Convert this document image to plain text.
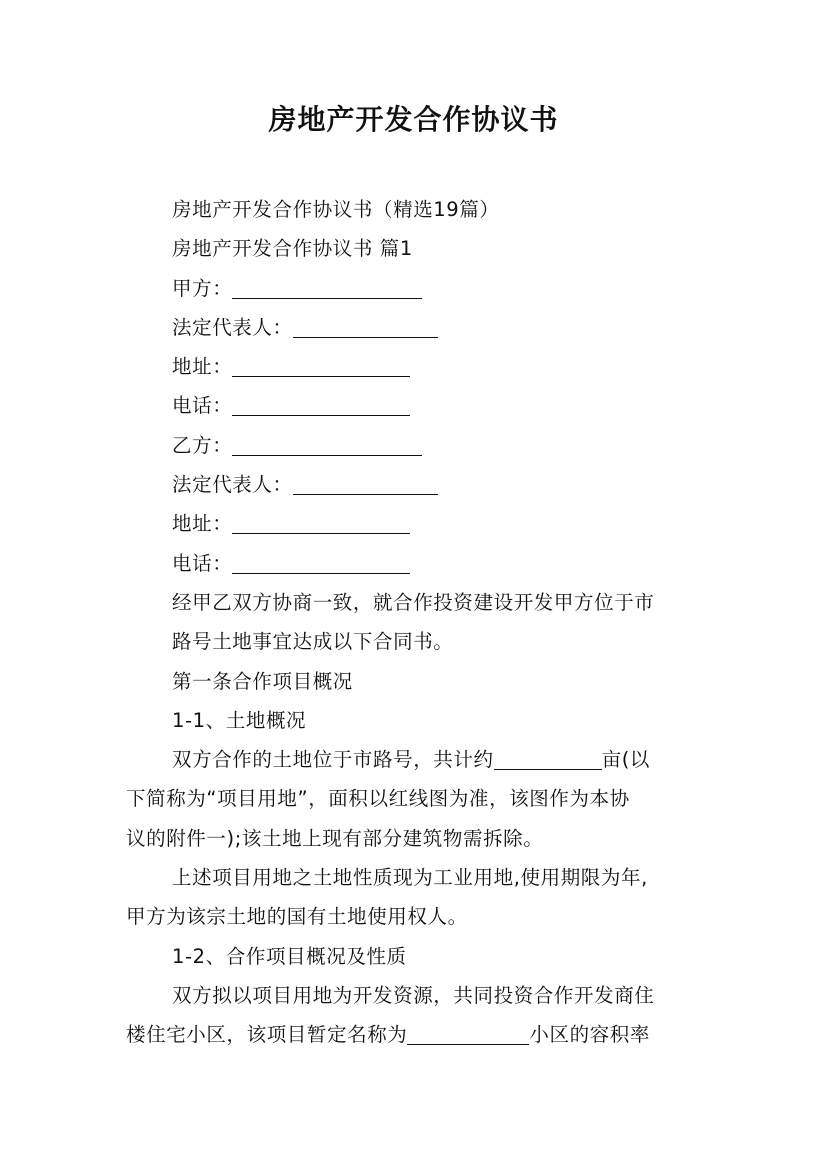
房地产开发合作协议书
房地产开发合作协议书（精选19篇）
房地产开发合作协议书 篇1
甲方：
法定代表人：
地址：
电话：
乙方：
法定代表人：
地址：
电话：
经甲乙双方协商一致，就合作投资建设开发甲方位于市
路号土地事宜达成以下合同书。
第一条合作项目概况
1-1、土地概况
双方合作的土地位于市路号，共计约	亩(以
下简称为“项目用地”，面积以红线图为准，该图作为本协
议的附件一);该土地上现有部分建筑物需拆除。
上述项目用地之土地性质现为工业用地,使用期限为年,
甲方为该宗土地的国有土地使用权人。
1-2、合作项目概况及性质
双方拟以项目用地为开发资源，共同投资合作开发商住
楼住宅小区，该项目暂定名称为	小区的容积率
